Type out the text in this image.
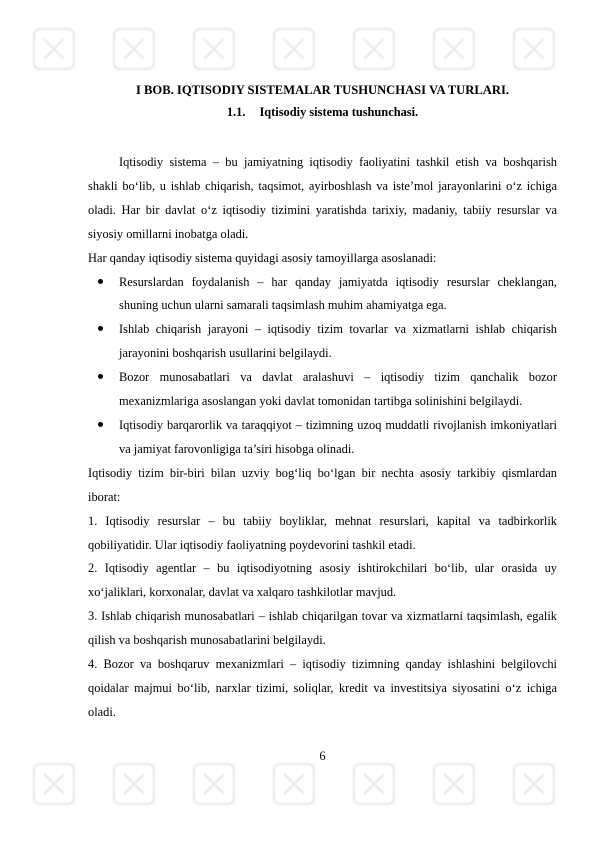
I BOB. IQTISODIY SISTEMALAR TUSHUNCHASI VA TURLARI.
1.1. Iqtisodiy sistema tushunchasi.

Iqtisodiy sistema – bu jamiyatning iqtisodiy faoliyatini tashkil etish va boshqarish shakli bo‘lib, u ishlab chiqarish, taqsimot, ayirboshlash va iste’mol jarayonlarini o‘z ichiga oladi. Har bir davlat o‘z iqtisodiy tizimini yaratishda tarixiy, madaniy, tabiiy resurslar va siyosiy omillarni inobatga oladi.

Har qanday iqtisodiy sistema quyidagi asosiy tamoyillarga asoslanadi:

Resurslardan foydalanish – har qanday jamiyatda iqtisodiy resurslar cheklangan, shuning uchun ularni samarali taqsimlash muhim ahamiyatga ega.
Ishlab chiqarish jarayoni – iqtisodiy tizim tovarlar va xizmatlarni ishlab chiqarish jarayonini boshqarish usullarini belgilaydi.
Bozor munosabatlari va davlat aralashuvi – iqtisodiy tizim qanchalik bozor mexanizmlariga asoslangan yoki davlat tomonidan tartibga solinishini belgilaydi.
Iqtisodiy barqarorlik va taraqqiyot – tizimning uzoq muddatli rivojlanish imkoniyatlari va jamiyat farovonligiga ta’siri hisobga olinadi.

Iqtisodiy tizim bir-biri bilan uzviy bog‘liq bo‘lgan bir nechta asosiy tarkibiy qismlardan iborat:

1. Iqtisodiy resurslar – bu tabiiy boyliklar, mehnat resurslari, kapital va tadbirkorlik qobiliyatidir. Ular iqtisodiy faoliyatning poydevorini tashkil etadi.

2. Iqtisodiy agentlar – bu iqtisodiyotning asosiy ishtirokchilari bo‘lib, ular orasida uy xo‘jaliklari, korxonalar, davlat va xalqaro tashkilotlar mavjud.

3. Ishlab chiqarish munosabatlari – ishlab chiqarilgan tovar va xizmatlarni taqsimlash, egalik qilish va boshqarish munosabatlarini belgilaydi.

4. Bozor va boshqaruv mexanizmlari – iqtisodiy tizimning qanday ishlashini belgilovchi qoidalar majmui bo‘lib, narxlar tizimi, soliqlar, kredit va investitsiya siyosatini o‘z ichiga oladi.

6
